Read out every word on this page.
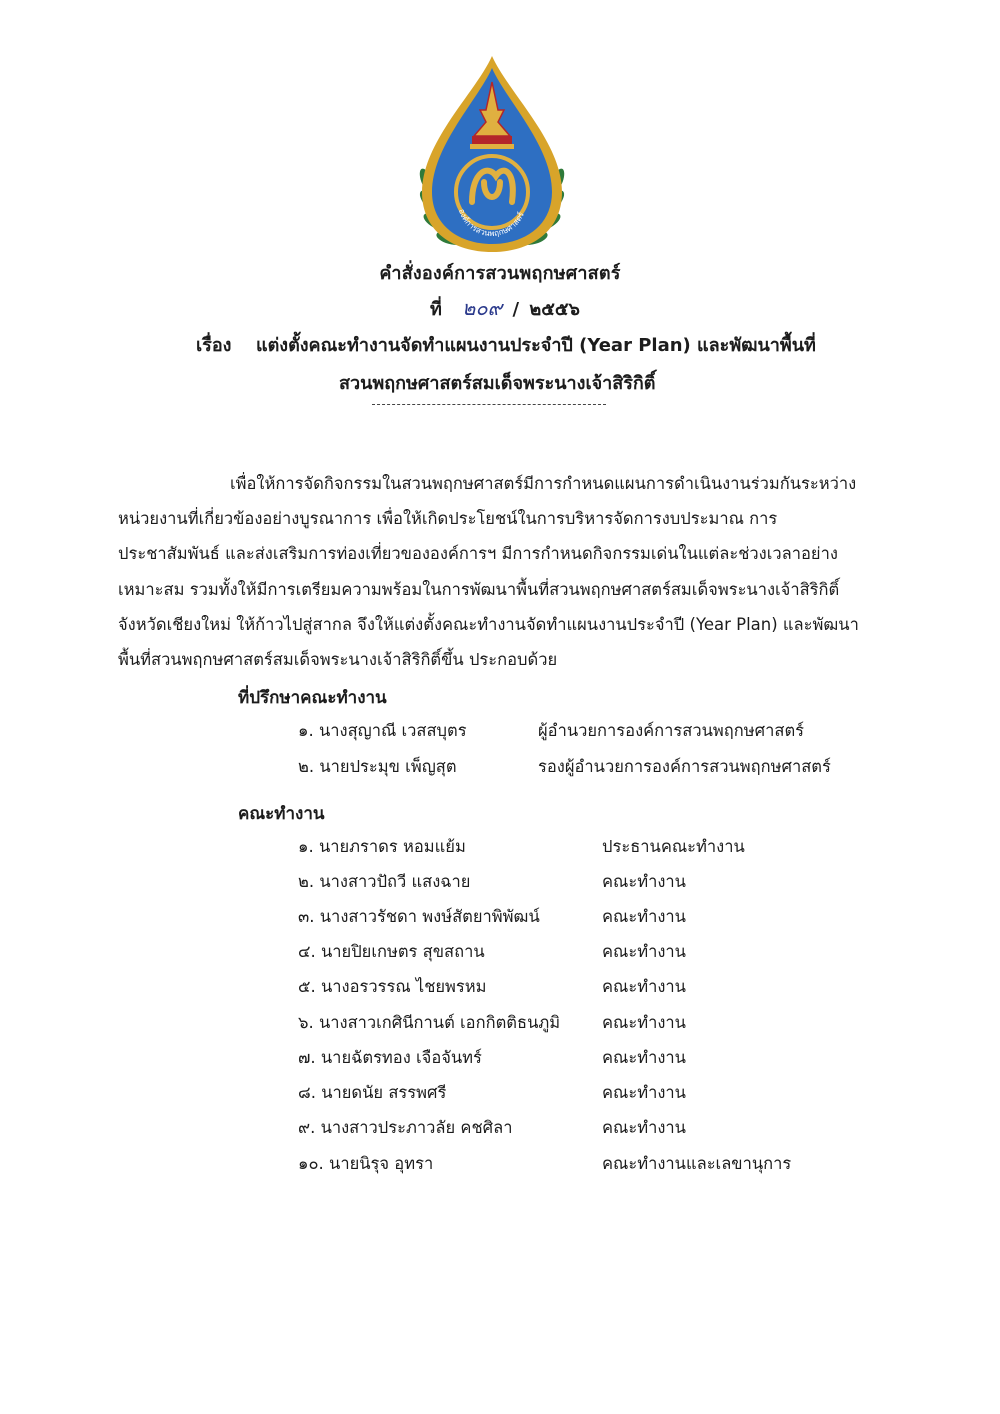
องค์การสวนพฤกษศาสตร์
คำสั่งองค์การสวนพฤกษศาสตร์
ที่ ๒๐๙ / ๒๕๕๖
เรื่อง แต่งตั้งคณะทำงานจัดทำแผนงานประจำปี (Year Plan) และพัฒนาพื้นที่
สวนพฤกษศาสตร์สมเด็จพระนางเจ้าสิริกิติ์
เพื่อให้การจัดกิจกรรมในสวนพฤกษศาสตร์มีการกำหนดแผนการดำเนินงานร่วมกันระหว่าง
หน่วยงานที่เกี่ยวข้องอย่างบูรณาการ เพื่อให้เกิดประโยชน์ในการบริหารจัดการงบประมาณ การ
ประชาสัมพันธ์ และส่งเสริมการท่องเที่ยวขององค์การฯ มีการกำหนดกิจกรรมเด่นในแต่ละช่วงเวลาอย่าง
เหมาะสม รวมทั้งให้มีการเตรียมความพร้อมในการพัฒนาพื้นที่สวนพฤกษศาสตร์สมเด็จพระนางเจ้าสิริกิติ์
จังหวัดเชียงใหม่ ให้ก้าวไปสู่สากล จึงให้แต่งตั้งคณะทำงานจัดทำแผนงานประจำปี (Year Plan) และพัฒนา
พื้นที่สวนพฤกษศาสตร์สมเด็จพระนางเจ้าสิริกิติ์ขึ้น ประกอบด้วย
ที่ปรึกษาคณะทำงาน
๑. นางสุญาณี เวสสบุตร	ผู้อำนวยการองค์การสวนพฤกษศาสตร์
๒. นายประมุข เพ็ญสุต	รองผู้อำนวยการองค์การสวนพฤกษศาสตร์
คณะทำงาน
๑. นายภราดร หอมแย้ม	ประธานคณะทำงาน
๒. นางสาวปัถวี แสงฉาย	คณะทำงาน
๓. นางสาวรัชดา พงษ์สัตยาพิพัฒน์	คณะทำงาน
๔. นายปิยเกษตร สุขสถาน	คณะทำงาน
๕. นางอรวรรณ ไชยพรหม	คณะทำงาน
๖. นางสาวเกศินีกานต์ เอกกิตติธนภูมิ	คณะทำงาน
๗. นายฉัตรทอง เจือจันทร์	คณะทำงาน
๘. นายดนัย สรรพศรี	คณะทำงาน
๙. นางสาวประภาวลัย คชศิลา	คณะทำงาน
๑๐. นายนิรุจ อุทรา	คณะทำงานและเลขานุการ
